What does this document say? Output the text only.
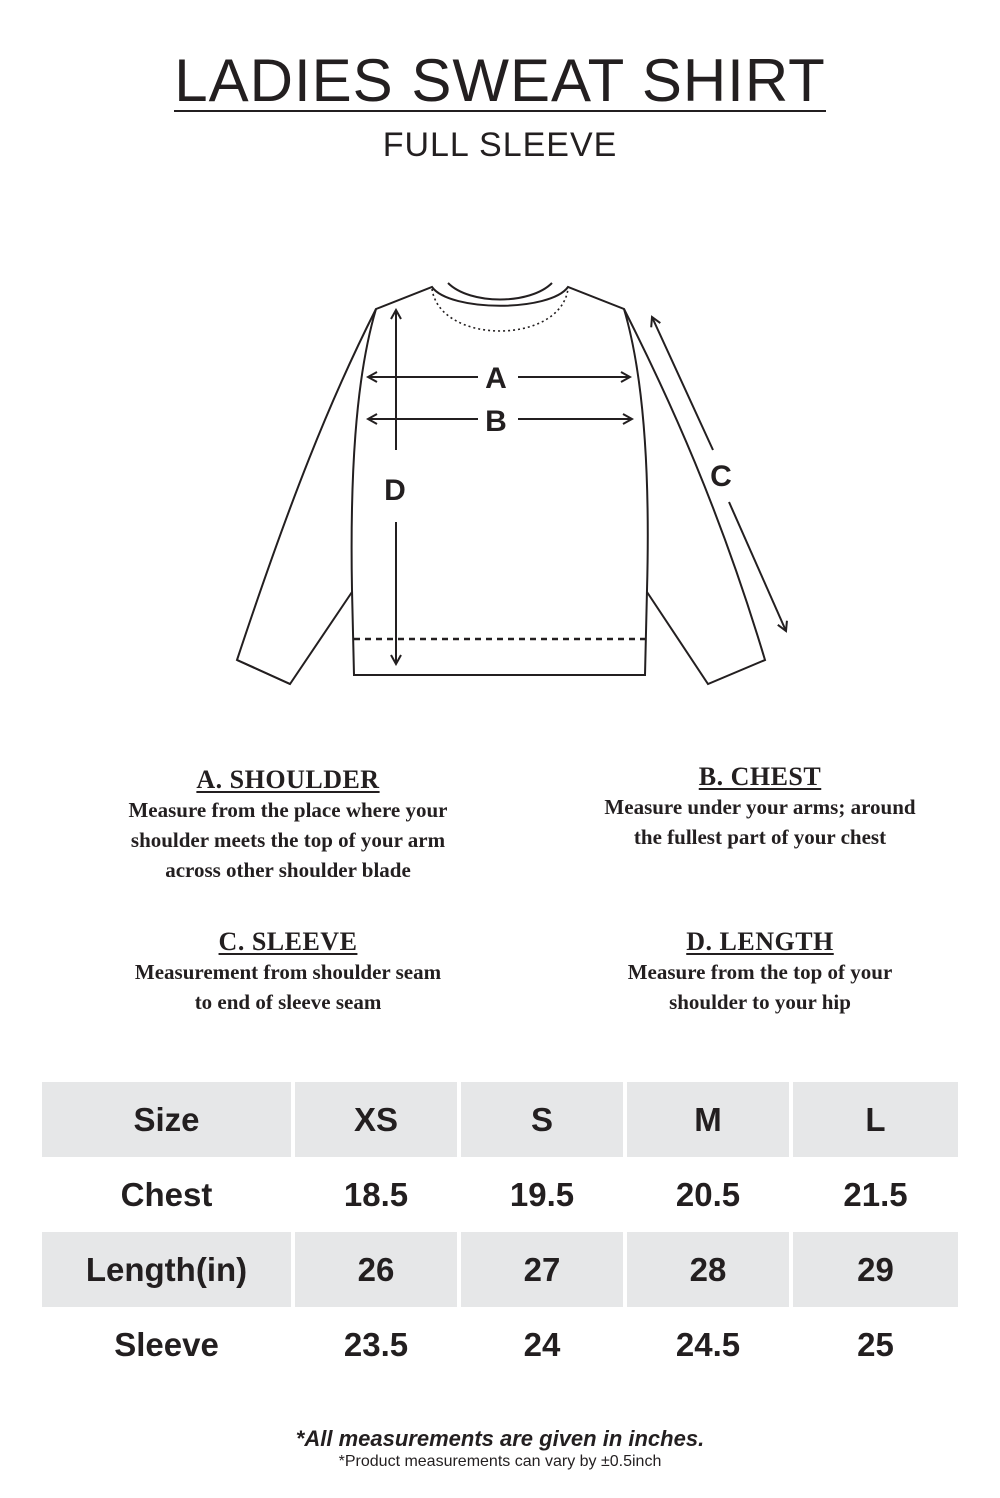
LADIES SWEAT SHIRT
FULL SLEEVE
A
B
D	C
A. SHOULDER
Measure from the place where your
shoulder meets the top of your arm
across other shoulder blade
B. CHEST
Measure under your arms; around
the fullest part of your chest
C. SLEEVE
Measurement from shoulder seam
to end of sleeve seam
D. LENGTH
Measure from the top of your
shoulder to your hip
Size	XS	S	M	L
Chest	18.5	19.5	20.5	21.5
Length(in)	26	27	28	29
Sleeve	23.5	24	24.5	25
*All measurements are given in inches.
*Product measurements can vary by ±0.5inch
